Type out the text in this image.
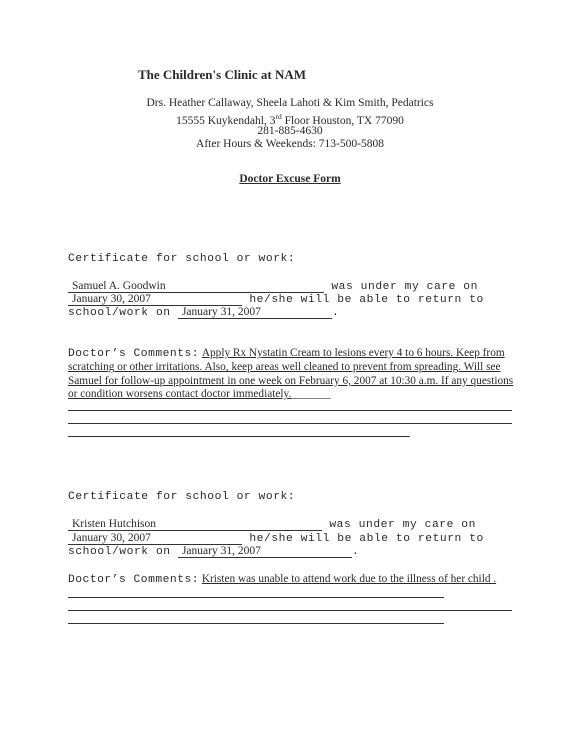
The Children's Clinic at NAM
Drs. Heather Callaway, Sheela Lahoti & Kim Smith, Pedatrics
15555 Kuykendahl, 3rd Floor Houston, TX 77090
281-885-4630
After Hours & Weekends: 713-500-5808
Doctor Excuse Form
Certificate for school or work:
Samuel A. Goodwin	was under my care on
January 30, 2007	he/she will be able to return to
school/work on January 31, 2007	.
Doctor’s Comments: Apply Rx Nystatin Cream to lesions every 4 to 6 hours. Keep from scratching or other irritations. Also, keep areas well cleaned to prevent from spreading. Will see Samuel for follow-up appointment in one week on February 6, 2007 at 10:30 a.m. If any questions or condition worsens contact doctor immediately._______
Certificate for school or work:
Kristen Hutchison	was under my care on
January 30, 2007	he/she will be able to return to
school/work on January 31, 2007	.
Doctor’s Comments: Kristen was unable to attend work due to the illness of her child .
